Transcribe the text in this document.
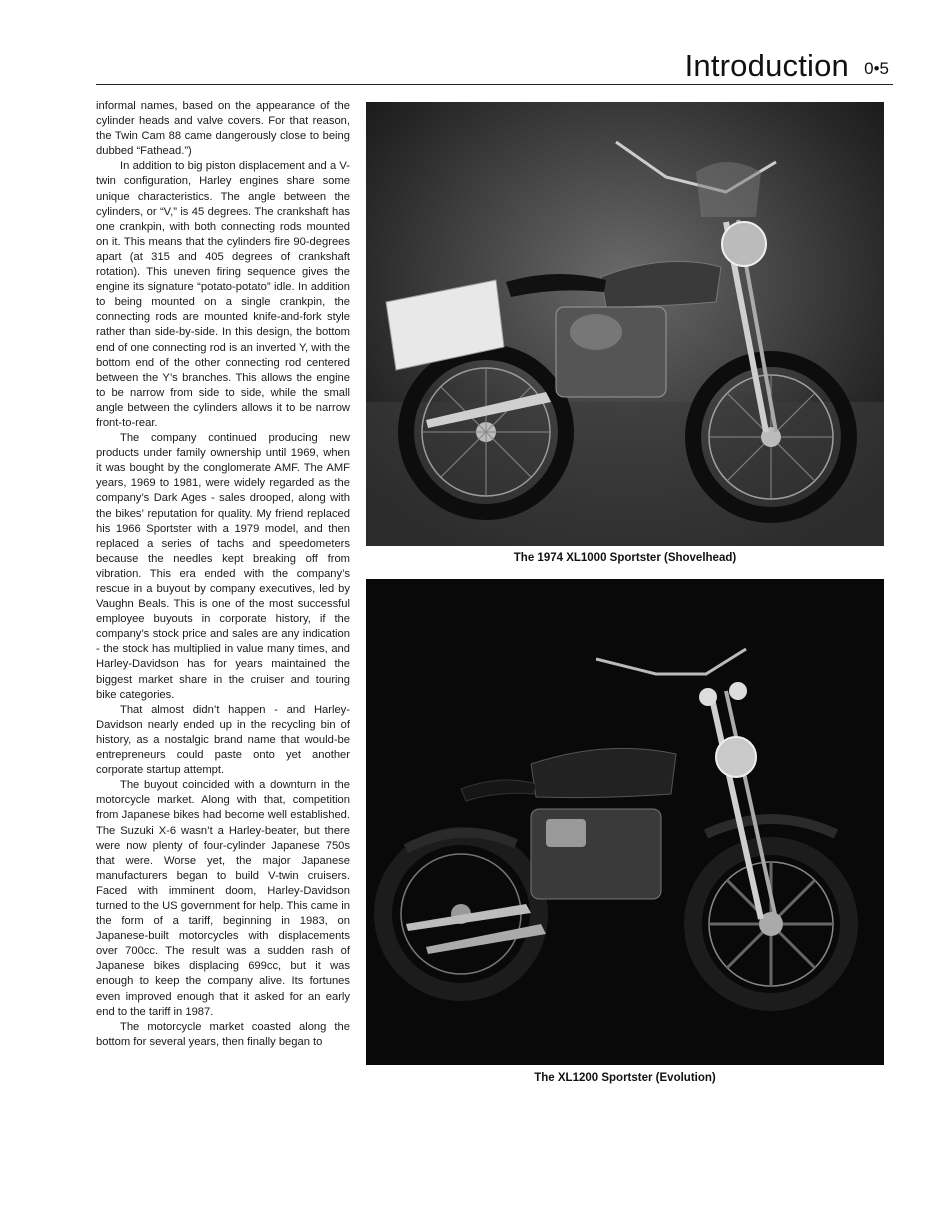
Introduction 0•5

informal names, based on the appearance of the cylinder heads and valve covers. For that reason, the Twin Cam 88 came dangerously close to being dubbed “Fathead.”)

In addition to big piston displacement and a V-twin configuration, Harley engines share some unique characteristics. The angle between the cylinders, or “V,” is 45 degrees. The crankshaft has one crankpin, with both connecting rods mounted on it. This means that the cylinders fire 90-degrees apart (at 315 and 405 degrees of crankshaft rotation). This uneven firing sequence gives the engine its signature “potato-potato” idle. In addition to being mounted on a single crankpin, the connecting rods are mounted knife-and-fork style rather than side-by-side. In this design, the bottom end of one connecting rod is an inverted Y, with the bottom end of the other connecting rod centered between the Y’s branches. This allows the engine to be narrow from side to side, while the small angle between the cylinders allows it to be narrow front-to-rear.

The company continued producing new products under family ownership until 1969, when it was bought by the conglomerate AMF. The AMF years, 1969 to 1981, were widely regarded as the company’s Dark Ages - sales drooped, along with the bikes’ reputation for quality. My friend replaced his 1966 Sportster with a 1979 model, and then replaced a series of tachs and speedometers because the needles kept breaking off from vibration. This era ended with the company’s rescue in a buyout by company executives, led by Vaughn Beals. This is one of the most successful employee buyouts in corporate history, if the company’s stock price and sales are any indication - the stock has multiplied in value many times, and Harley-Davidson has for years maintained the biggest market share in the cruiser and touring bike categories.

That almost didn’t happen - and Harley-Davidson nearly ended up in the recycling bin of history, as a nostalgic brand name that would-be entrepreneurs could paste onto yet another corporate startup attempt.

The buyout coincided with a downturn in the motorcycle market. Along with that, competition from Japanese bikes had become well established. The Suzuki X-6 wasn’t a Harley-beater, but there were now plenty of four-cylinder Japanese 750s that were. Worse yet, the major Japanese manufacturers began to build V-twin cruisers. Faced with imminent doom, Harley-Davidson turned to the US government for help. This came in the form of a tariff, beginning in 1983, on Japanese-built motorcycles with displacements over 700cc. The result was a sudden rash of Japanese bikes displacing 699cc, but it was enough to keep the company alive. Its fortunes even improved enough that it asked for an early end to the tariff in 1987.

The motorcycle market coasted along the bottom for several years, then finally began to

The 1974 XL1000 Sportster (Shovelhead)
The XL1200 Sportster (Evolution)
